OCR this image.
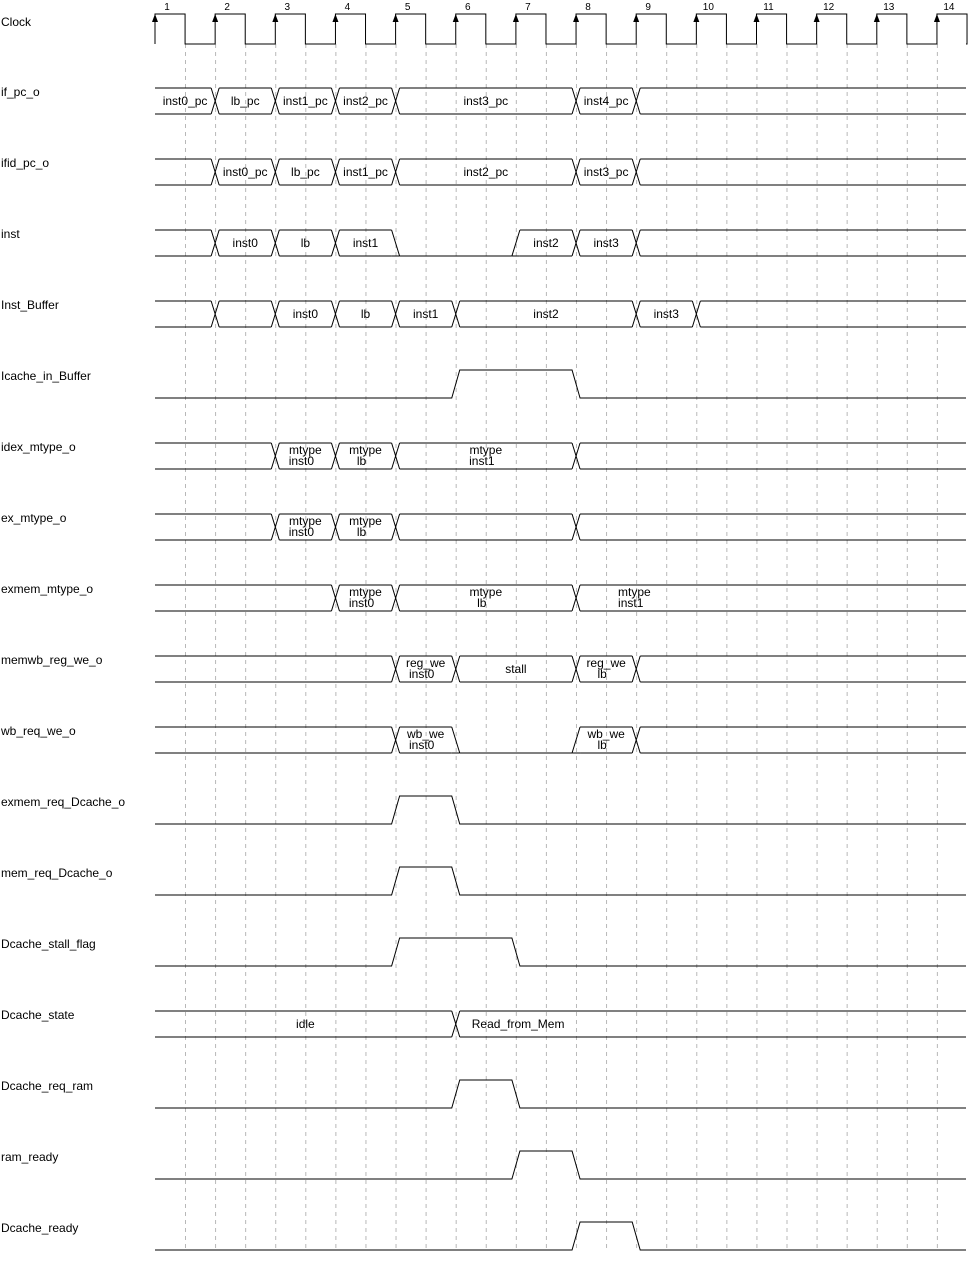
Clock
1	2	3	4	5	6	7	8	9	10	11	12	13	14
if_pc_o
inst0_pc lb_pc inst1_pc inst2_pc	inst3_pc	inst4_pc
ifid_pc_o
inst0_pc lb_pc inst1_pc	inst2_pc	inst3_pc
inst
inst0	lb	inst1	inst2	inst3
Inst_Buffer
inst0	lb	inst1	inst2	inst3
Icache_in_Buffer
idex_mtype_o	mtype
inst0
mtype
lb
mtype
inst1
ex_mtype_o	mtype
inst0
mtype
lb
exmem_mtype_o	mtype
inst0
mtype
lb
mtype
inst1
memwb_reg_we_o	reg_we
inst0	stall	reg_we
lb
wb_req_we_o	wb_we
inst0
wb_we
lb
exmem_req_Dcache_o
mem_req_Dcache_o
Dcache_stall_flag
Dcache_state
idle	Read_from_Mem
Dcache_req_ram
ram_ready
Dcache_ready
